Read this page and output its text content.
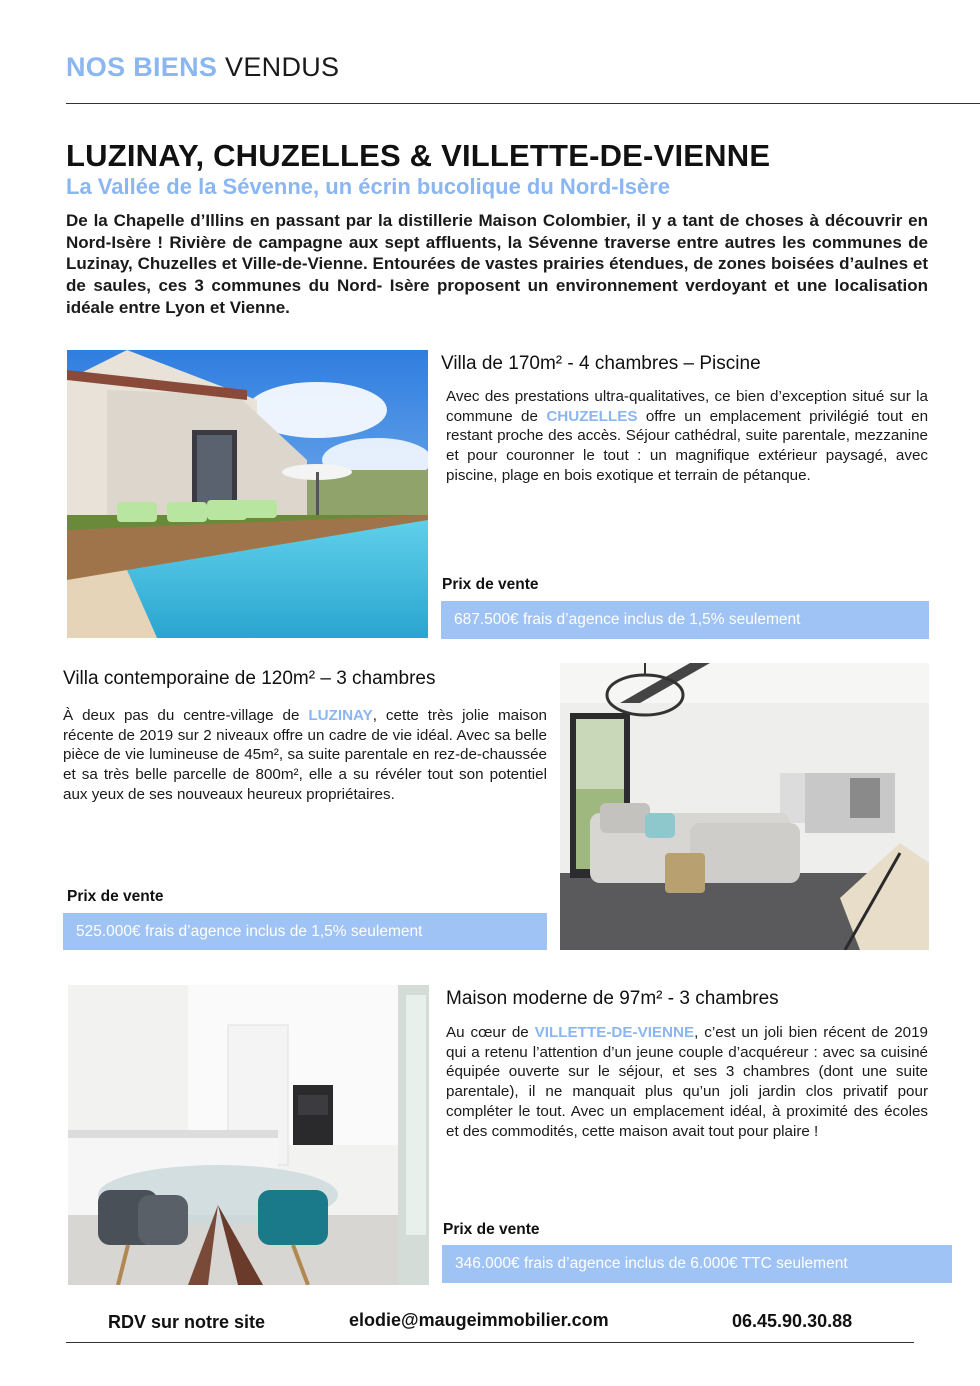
NOS BIENS VENDUS
LUZINAY, CHUZELLES & VILLETTE-DE-VIENNE
La Vallée de la Sévenne, un écrin bucolique du Nord-Isère

De la Chapelle d’Illins en passant par la distillerie Maison Colombier, il y a tant de choses à découvrir en Nord-Isère ! Rivière de campagne aux sept affluents, la Sévenne traverse entre autres les communes de Luzinay, Chuzelles et Ville-de-Vienne. Entourées de vastes prairies étendues, de zones boisées d’aulnes et de saules, ces 3 communes du Nord- Isère proposent un environnement verdoyant et une localisation idéale entre Lyon et Vienne.

Villa de 170m² - 4 chambres – Piscine

Avec des prestations ultra-qualitatives, ce bien d’exception situé sur la commune de CHUZELLES offre un emplacement privilégié tout en restant proche des accès. Séjour cathédral, suite parentale, mezzanine et pour couronner le tout : un magnifique extérieur paysagé, avec piscine, plage en bois exotique et terrain de pétanque.

Prix de vente

687.500€ frais d’agence inclus de 1,5% seulement

Villa contemporaine de 120m² – 3 chambres

À deux pas du centre-village de LUZINAY, cette très jolie maison récente de 2019 sur 2 niveaux offre un cadre de vie idéal. Avec sa belle pièce de vie lumineuse de 45m², sa suite parentale en rez-de-chaussée et sa très belle parcelle de 800m², elle a su révéler tout son potentiel aux yeux de ses nouveaux heureux propriétaires.

Prix de vente

525.000€ frais d’agence inclus de 1,5% seulement

Maison moderne de 97m² - 3 chambres

Au cœur de VILLETTE-DE-VIENNE, c’est un joli bien récent de 2019 qui a retenu l’attention d’un jeune couple d’acquéreur : avec sa cuisiné équipée ouverte sur le séjour, et ses 3 chambres (dont une suite parentale), il ne manquait plus qu’un joli jardin clos privatif pour compléter le tout. Avec un emplacement idéal, à proximité des écoles et des commodités, cette maison avait tout pour plaire !

Prix de vente

346.000€ frais d’agence inclus de 6.000€ TTC seulement
RDV sur notre site	elodie@maugeimmobilier.com	06.45.90.30.88
